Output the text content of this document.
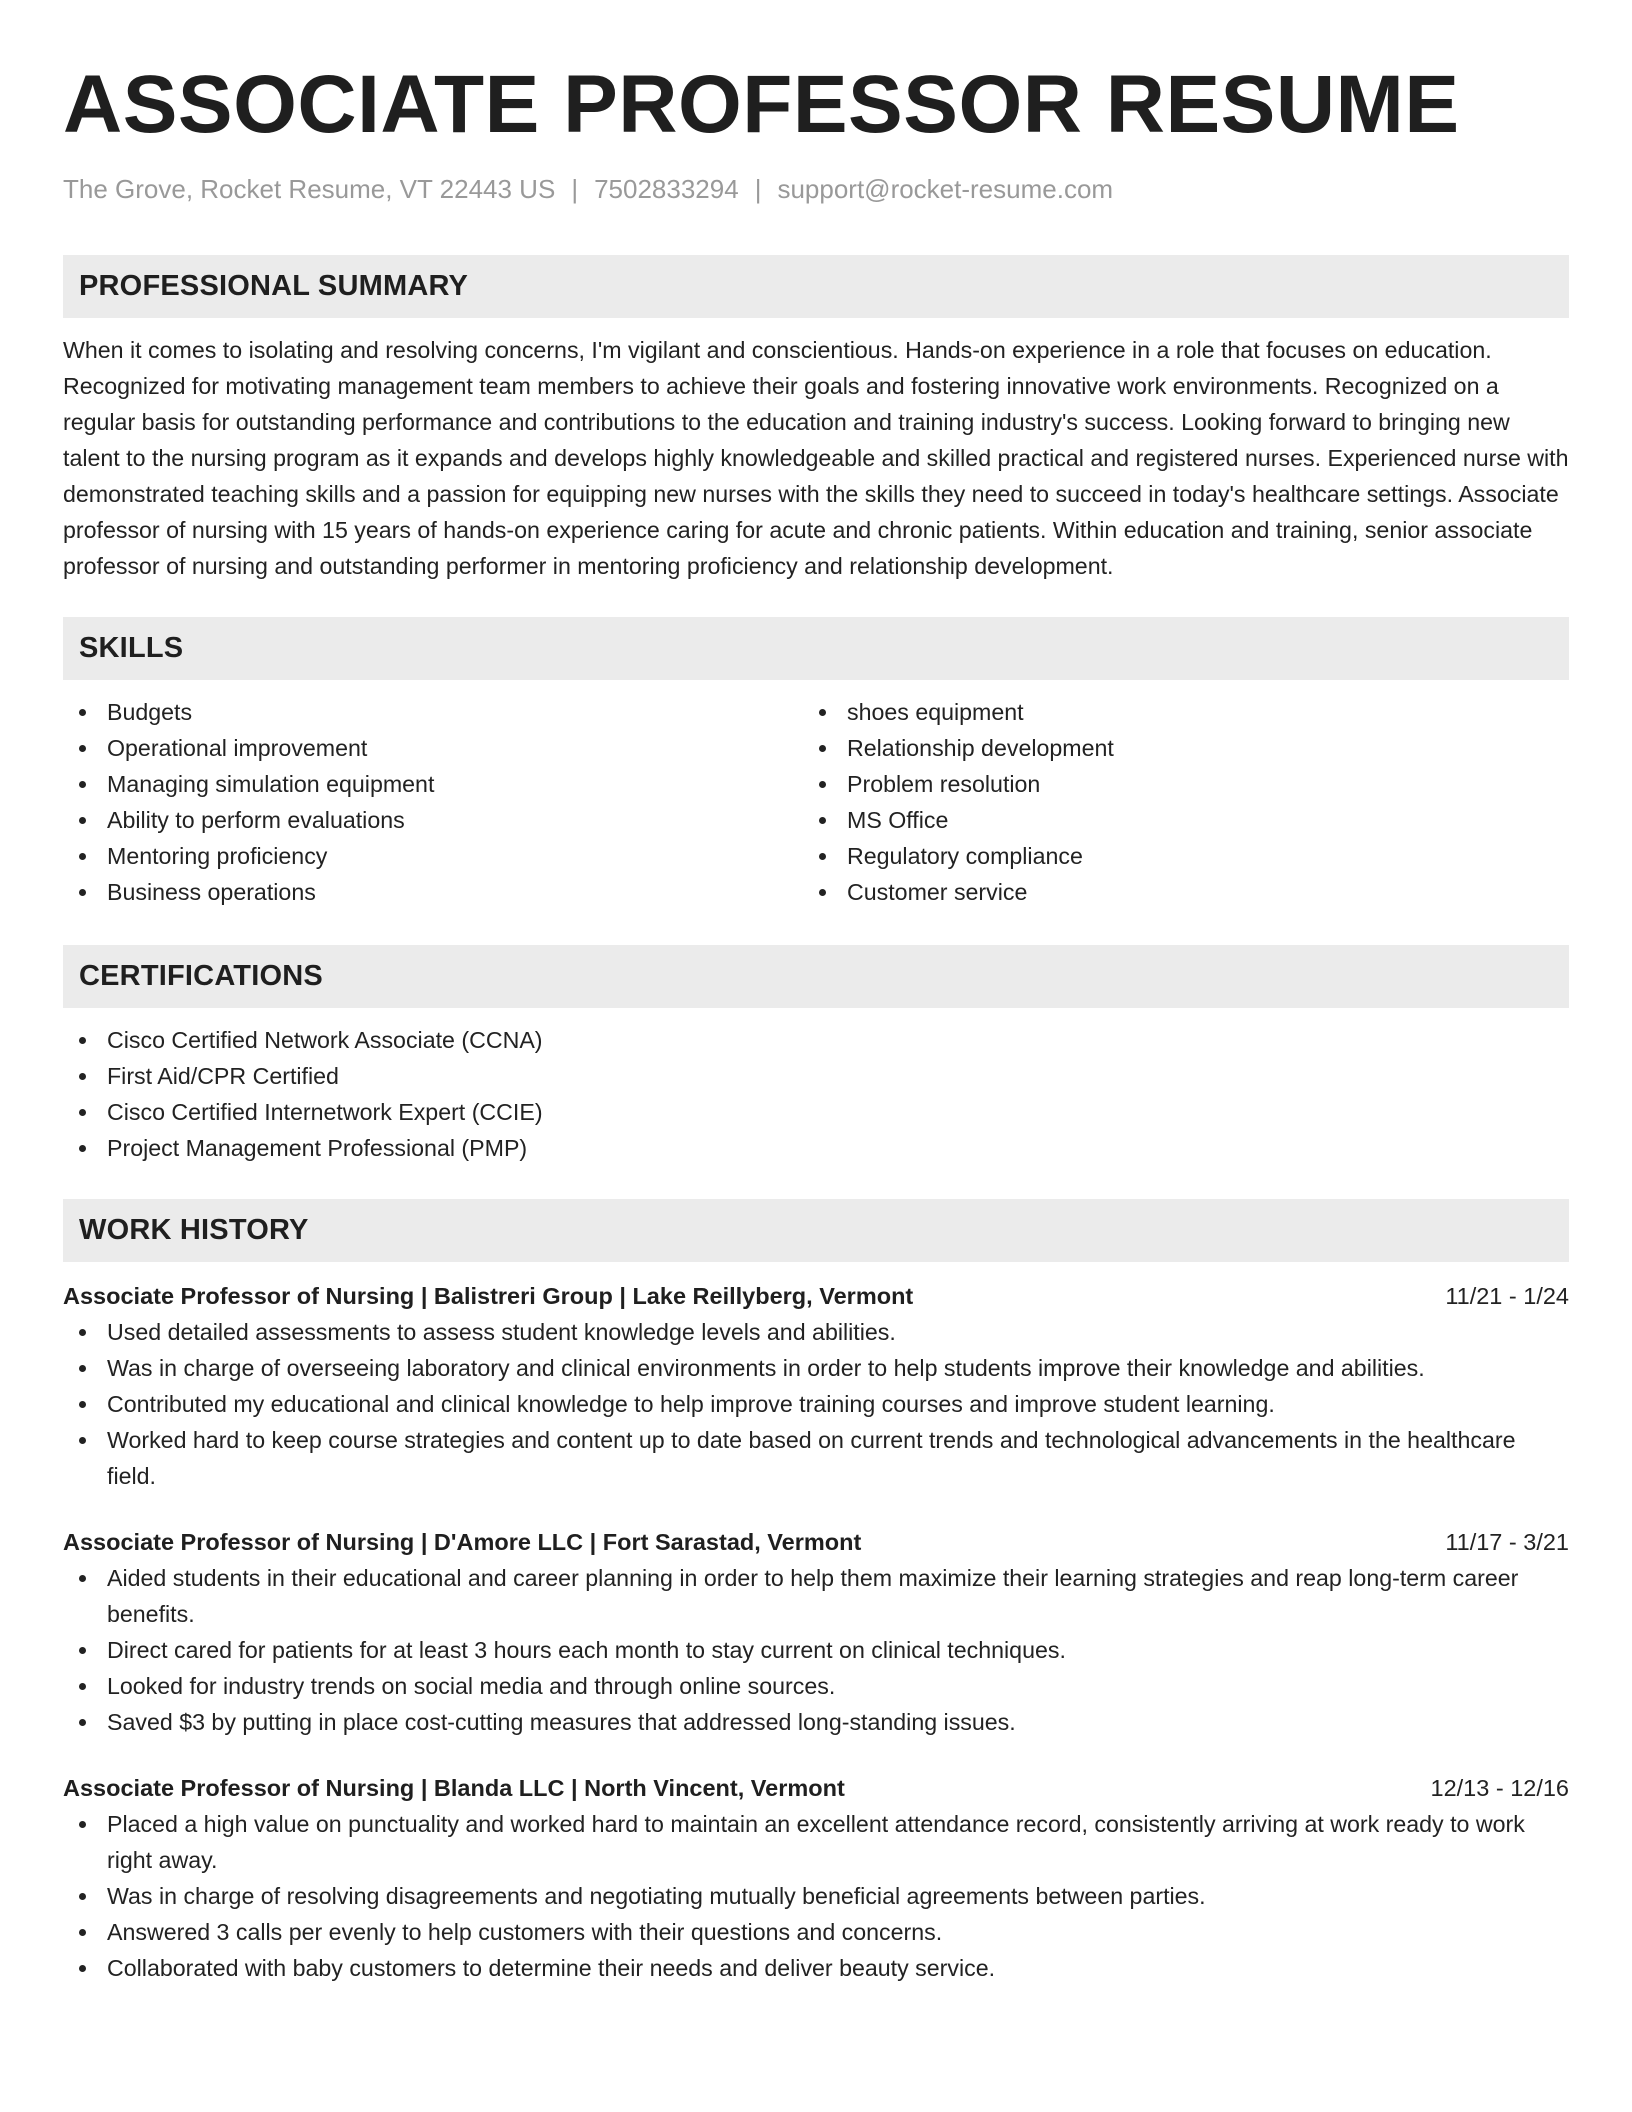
ASSOCIATE PROFESSOR RESUME
The Grove, Rocket Resume, VT 22443 US | 7502833294 | support@rocket-resume.com
PROFESSIONAL SUMMARY

When it comes to isolating and resolving concerns, I'm vigilant and conscientious. Hands-on experience in a role that focuses on education. Recognized for motivating management team members to achieve their goals and fostering innovative work environments. Recognized on a regular basis for outstanding performance and contributions to the education and training industry's success. Looking forward to bringing new talent to the nursing program as it expands and develops highly knowledgeable and skilled practical and registered nurses. Experienced nurse with demonstrated teaching skills and a passion for equipping new nurses with the skills they need to succeed in today's healthcare settings. Associate professor of nursing with 15 years of hands-on experience caring for acute and chronic patients. Within education and training, senior associate professor of nursing and outstanding performer in mentoring proficiency and relationship development.

SKILLS
Budgets
Operational improvement
Managing simulation equipment
Ability to perform evaluations
Mentoring proficiency
Business operations
shoes equipment
Relationship development
Problem resolution
MS Office
Regulatory compliance
Customer service
CERTIFICATIONS
Cisco Certified Network Associate (CCNA)
First Aid/CPR Certified
Cisco Certified Internetwork Expert (CCIE)
Project Management Professional (PMP)
WORK HISTORY
Associate Professor of Nursing | Balistreri Group | Lake Reillyberg, Vermont	11/21 - 1/24
Used detailed assessments to assess student knowledge levels and abilities.
Was in charge of overseeing laboratory and clinical environments in order to help students improve their knowledge and abilities.
Contributed my educational and clinical knowledge to help improve training courses and improve student learning.
Worked hard to keep course strategies and content up to date based on current trends and technological advancements in the healthcare field.
Associate Professor of Nursing | D'Amore LLC | Fort Sarastad, Vermont	11/17 - 3/21
Aided students in their educational and career planning in order to help them maximize their learning strategies and reap long-term career benefits.
Direct cared for patients for at least 3 hours each month to stay current on clinical techniques.
Looked for industry trends on social media and through online sources.
Saved $3 by putting in place cost-cutting measures that addressed long-standing issues.
Associate Professor of Nursing | Blanda LLC | North Vincent, Vermont	12/13 - 12/16
Placed a high value on punctuality and worked hard to maintain an excellent attendance record, consistently arriving at work ready to work right away.
Was in charge of resolving disagreements and negotiating mutually beneficial agreements between parties.
Answered 3 calls per evenly to help customers with their questions and concerns.
Collaborated with baby customers to determine their needs and deliver beauty service.
